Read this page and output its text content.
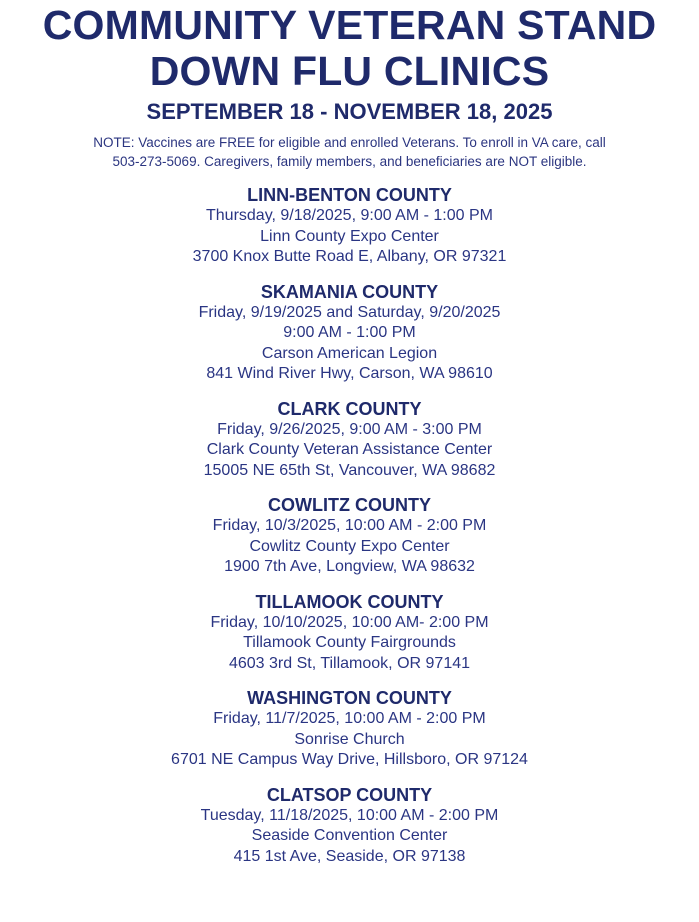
COMMUNITY VETERAN STAND
DOWN FLU CLINICS
SEPTEMBER 18 - NOVEMBER 18, 2025
NOTE: Vaccines are FREE for eligible and enrolled Veterans. To enroll in VA care, call
503-273-5069. Caregivers, family members, and beneficiaries are NOT eligible.
LINN-BENTON COUNTY
Thursday, 9/18/2025, 9:00 AM - 1:00 PM
Linn County Expo Center
3700 Knox Butte Road E, Albany, OR 97321
SKAMANIA COUNTY
Friday, 9/19/2025 and Saturday, 9/20/2025
9:00 AM - 1:00 PM
Carson American Legion
841 Wind River Hwy, Carson, WA 98610
CLARK COUNTY
Friday, 9/26/2025, 9:00 AM - 3:00 PM
Clark County Veteran Assistance Center
15005 NE 65th St, Vancouver, WA 98682
COWLITZ COUNTY
Friday, 10/3/2025, 10:00 AM - 2:00 PM
Cowlitz County Expo Center
1900 7th Ave, Longview, WA 98632
TILLAMOOK COUNTY
Friday, 10/10/2025, 10:00 AM- 2:00 PM
Tillamook County Fairgrounds
4603 3rd St, Tillamook, OR 97141
WASHINGTON COUNTY
Friday, 11/7/2025, 10:00 AM - 2:00 PM
Sonrise Church
6701 NE Campus Way Drive, Hillsboro, OR 97124
CLATSOP COUNTY
Tuesday, 11/18/2025, 10:00 AM - 2:00 PM
Seaside Convention Center
415 1st Ave, Seaside, OR 97138
